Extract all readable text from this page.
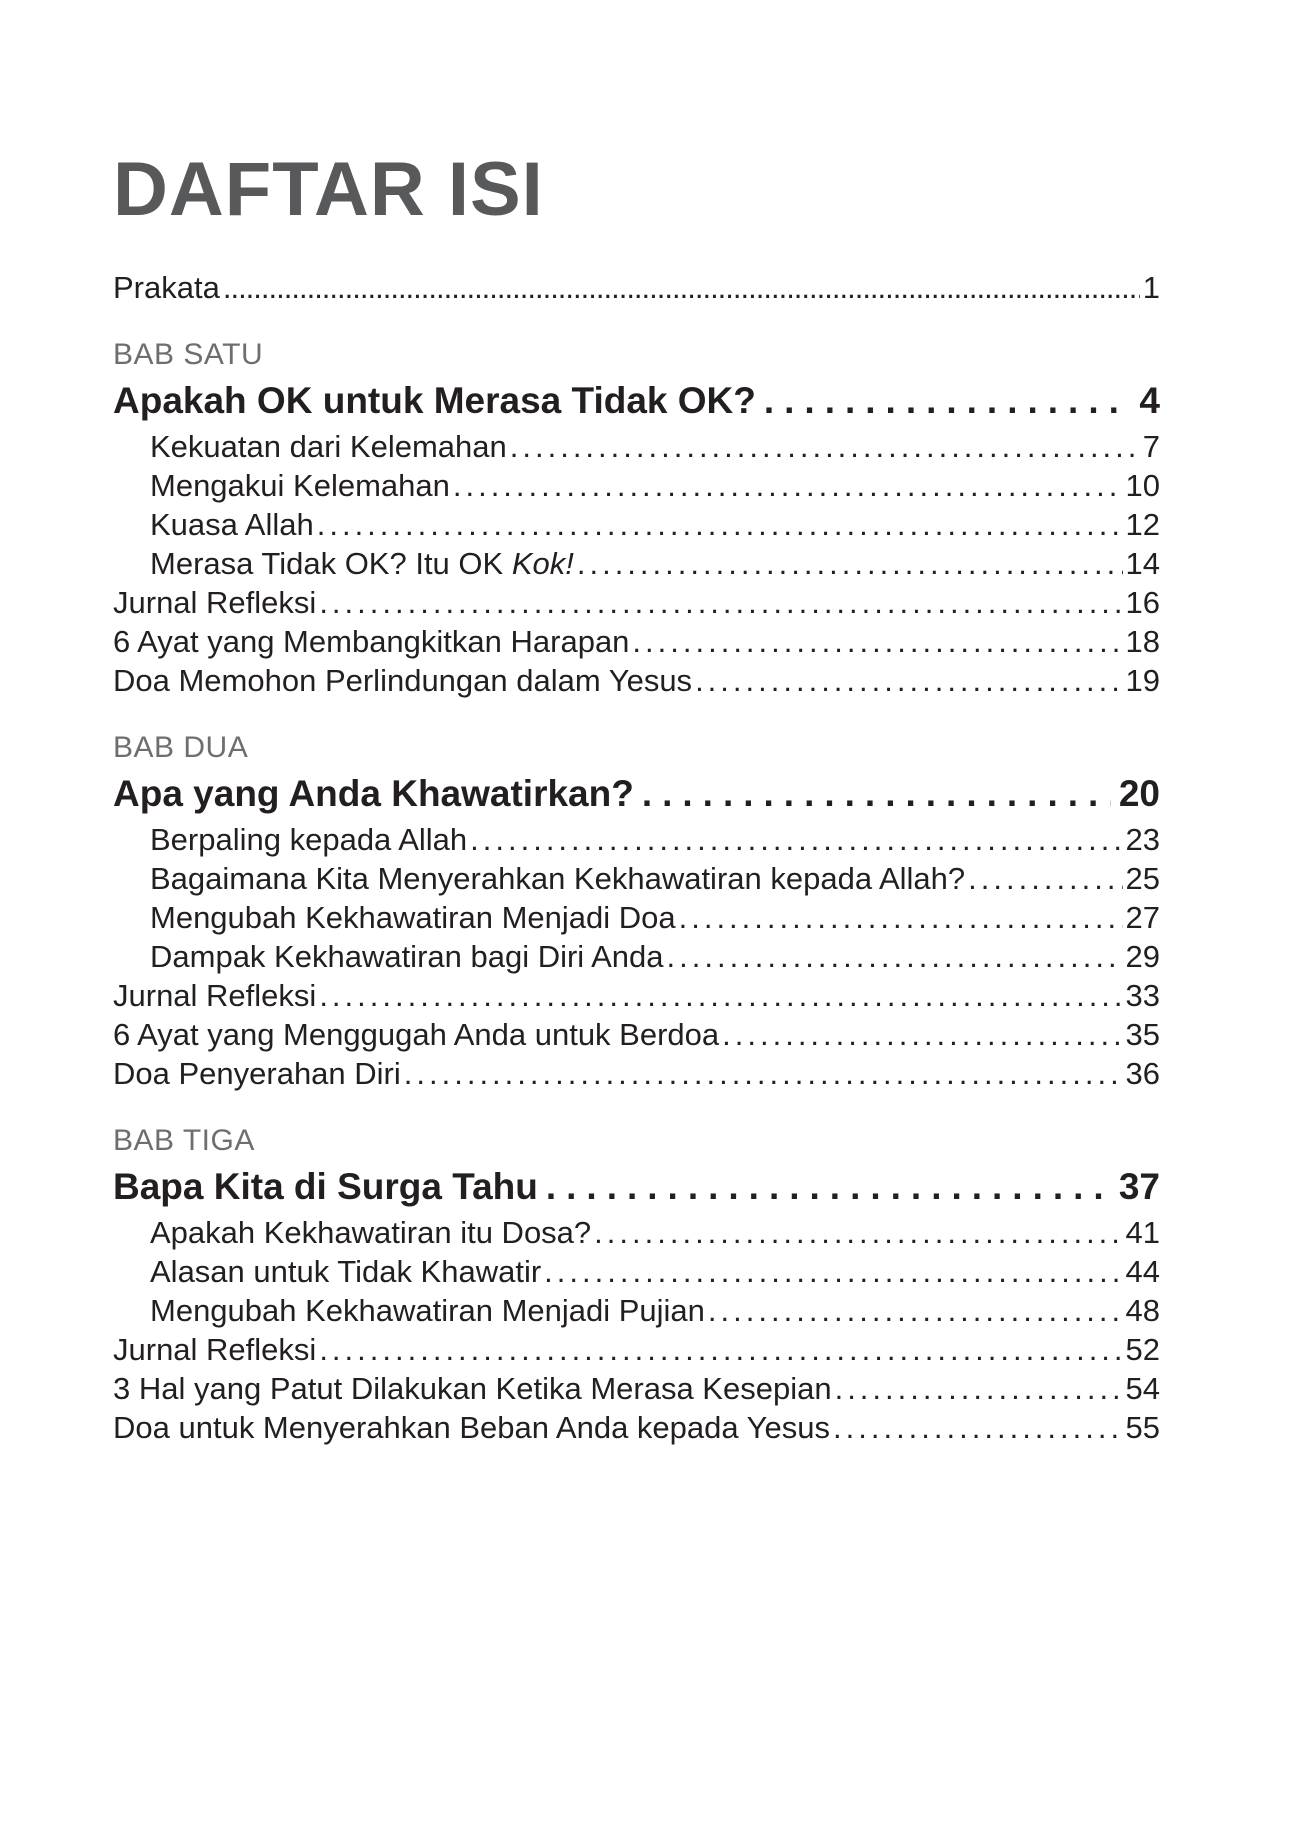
DAFTAR ISI
Prakata .....	1
BAB SATU
Apakah OK untuk Merasa Tidak OK? .....	4
Kekuatan dari Kelemahan .....	7
Mengakui Kelemahan .....	10
Kuasa Allah .....	12
Merasa Tidak OK? Itu OK Kok! .....	14
Jurnal Refleksi .....	16
6 Ayat yang Membangkitkan Harapan .....	18
Doa Memohon Perlindungan dalam Yesus .....	19
BAB DUA
Apa yang Anda Khawatirkan? .....	20
Berpaling kepada Allah .....	23
Bagaimana Kita Menyerahkan Kekhawatiran kepada Allah? .....	25
Mengubah Kekhawatiran Menjadi Doa .....	27
Dampak Kekhawatiran bagi Diri Anda .....	29
Jurnal Refleksi .....	33
6 Ayat yang Menggugah Anda untuk Berdoa .....	35
Doa Penyerahan Diri .....	36
BAB TIGA
Bapa Kita di Surga Tahu .....	37
Apakah Kekhawatiran itu Dosa? .....	41
Alasan untuk Tidak Khawatir .....	44
Mengubah Kekhawatiran Menjadi Pujian .....	48
Jurnal Refleksi .....	52
3 Hal yang Patut Dilakukan Ketika Merasa Kesepian .....	54
Doa untuk Menyerahkan Beban Anda kepada Yesus .....	55
